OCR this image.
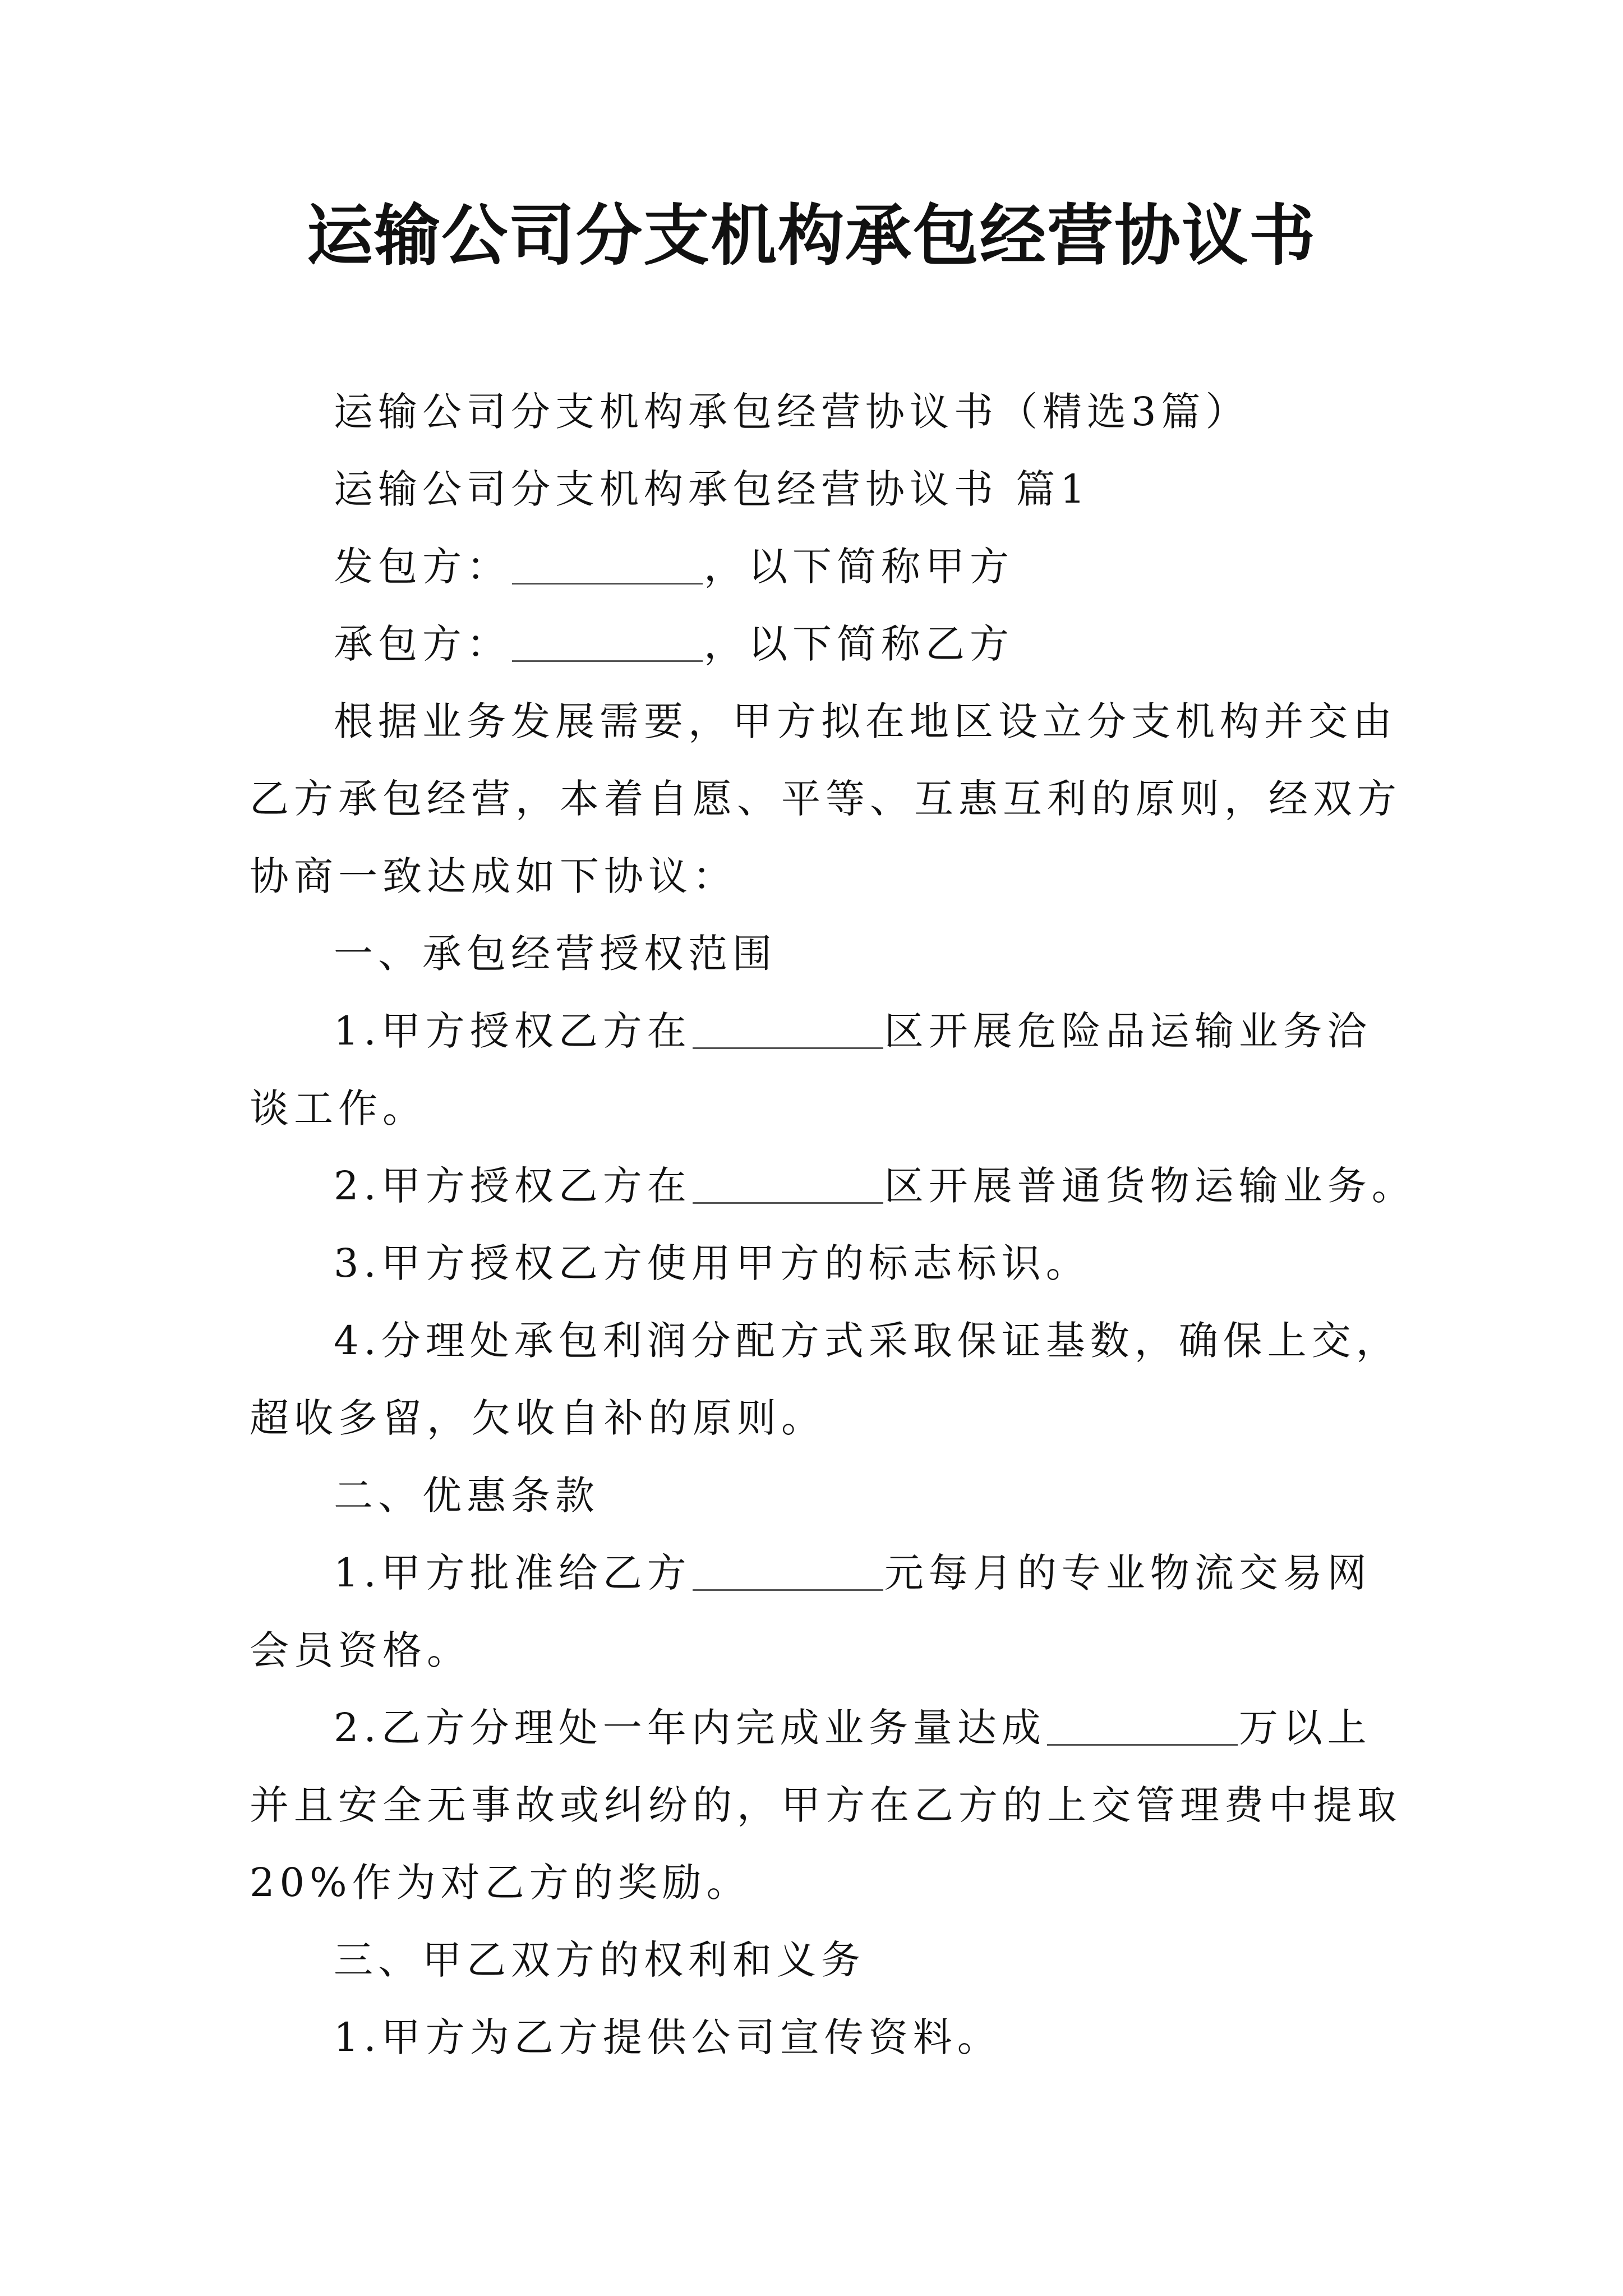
运输公司分支机构承包经营协议书

运输公司分支机构承包经营协议书（精选3篇）

运输公司分支机构承包经营协议书 篇1

发包方：	，以下简称甲方

承包方：	，以下简称乙方

根据业务发展需要，甲方拟在地区设立分支机构并交由

乙方承包经营，本着自愿、平等、互惠互利的原则，经双方

协商一致达成如下协议：

一、承包经营授权范围

1.甲方授权乙方在	区开展危险品运输业务洽

谈工作。

2.甲方授权乙方在	区开展普通货物运输业务。

3.甲方授权乙方使用甲方的标志标识。

4.分理处承包利润分配方式采取保证基数，确保上交，

超收多留，欠收自补的原则。

二、优惠条款

1.甲方批准给乙方	元每月的专业物流交易网

会员资格。

2.乙方分理处一年内完成业务量达成	万以上

并且安全无事故或纠纷的，甲方在乙方的上交管理费中提取

20%作为对乙方的奖励。

三、甲乙双方的权利和义务

1.甲方为乙方提供公司宣传资料。
